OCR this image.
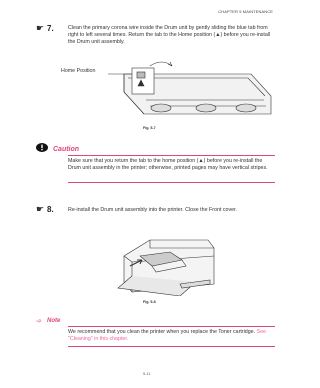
CHAPTER 5 MAINTENANCE
☛ 7.	Clean the primary corona wire inside the Drum unit by gently sliding the blue tab from right to left several times. Return the tab to the Home position (▲) before you re-install the Drum unit assembly.
Home Position
Fig. 5-7
Caution
Make sure that you return the tab to the home position (▲) before you re-install the Drum unit assembly in the printer; otherwise, printed pages may have vertical stripes.
☛ 8.	Re-install the Drum unit assembly into the printer. Close the Front cover.
Fig. 5-8
➾ Note
We recommend that you clean the printer when you replace the Toner cartridge. See "Cleaning" in this chapter.
5-11
